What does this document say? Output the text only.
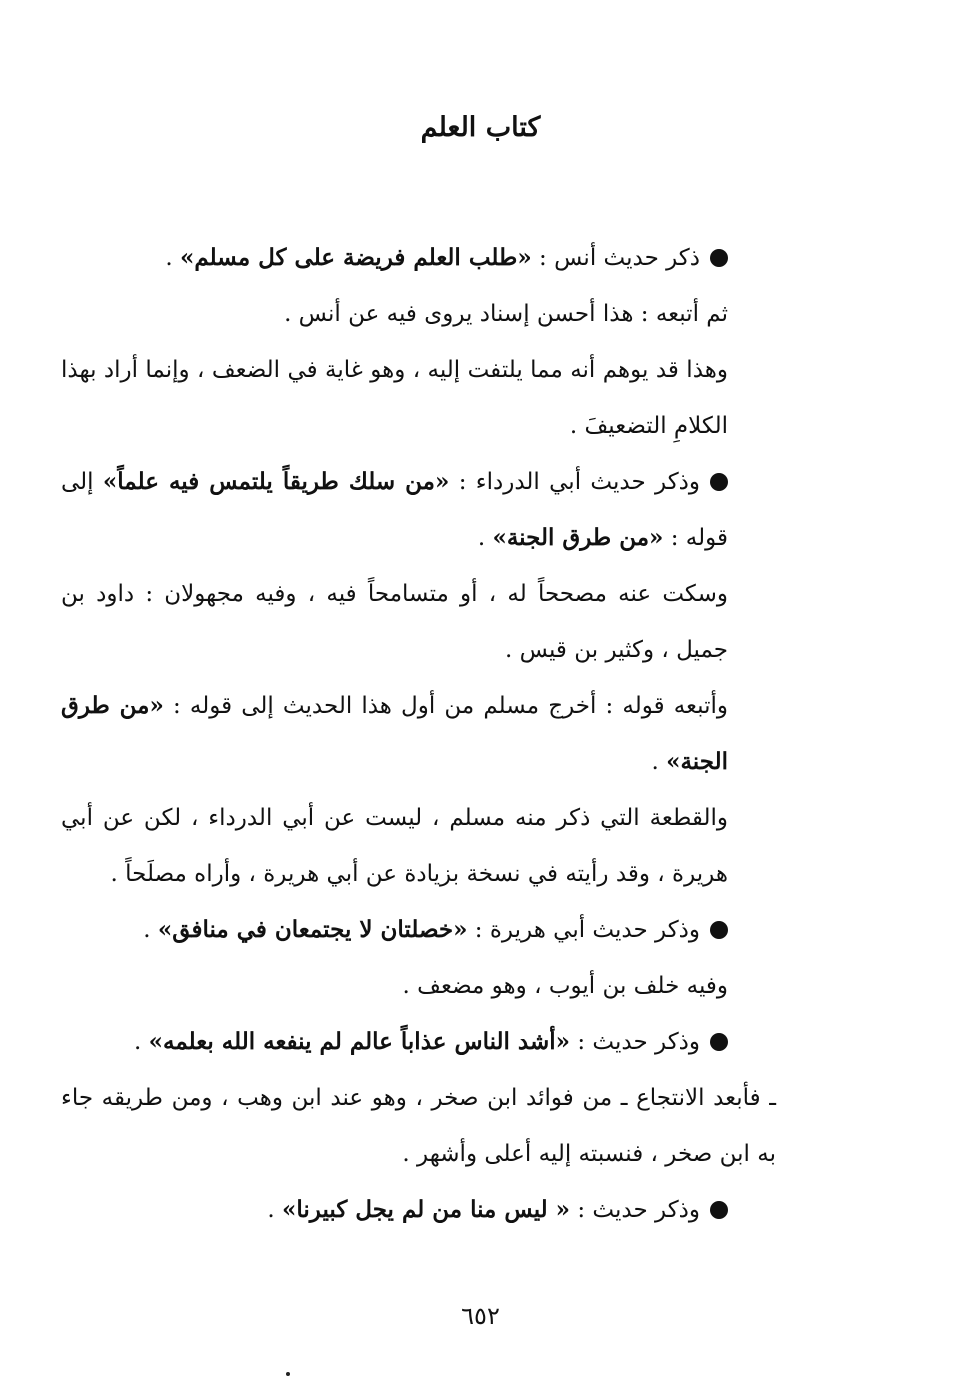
كتاب العلم

ذكر حديث أنس : «طلب العلم فريضة على كل مسلم» .

ثم أتبعه : هذا أحسن إسناد يروى فيه عن أنس .

وهذا قد يوهم أنه مما يلتفت إليه ، وهو غاية في الضعف ، وإنما أراد بهذا الكلامِ التضعيفَ .

وذكر حديث أبي الدرداء : «من سلك طريقاً يلتمس فيه علماً» إلى قوله : «من طرق الجنة» .

وسكت عنه مصححاً له ، أو متسامحاً فيه ، وفيه مجهولان : داود بن جميل ، وكثير بن قيس .

وأتبعه قوله : أخرج مسلم من أول هذا الحديث إلى قوله : «من طرق الجنة» .

والقطعة التي ذكر منه مسلم ، ليست عن أبي الدرداء ، لكن عن أبي هريرة ، وقد رأيته في نسخة بزيادة عن أبي هريرة ، وأراه مصلَحاً .

وذكر حديث أبي هريرة : «خصلتان لا يجتمعان في منافق» .

وفيه خلف بن أيوب ، وهو مضعف .

وذكر حديث : «أشد الناس عذاباً عالم لم ينفعه الله بعلمه» .

ـ فأبعد الانتجاع ـ من فوائد ابن صخر ، وهو عند ابن وهب ، ومن طريقه جاء به ابن صخر ، فنسبته إليه أعلى وأشهر .

وذكر حديث : « ليس منا من لم يجل كبيرنا» .

٦٥٢
